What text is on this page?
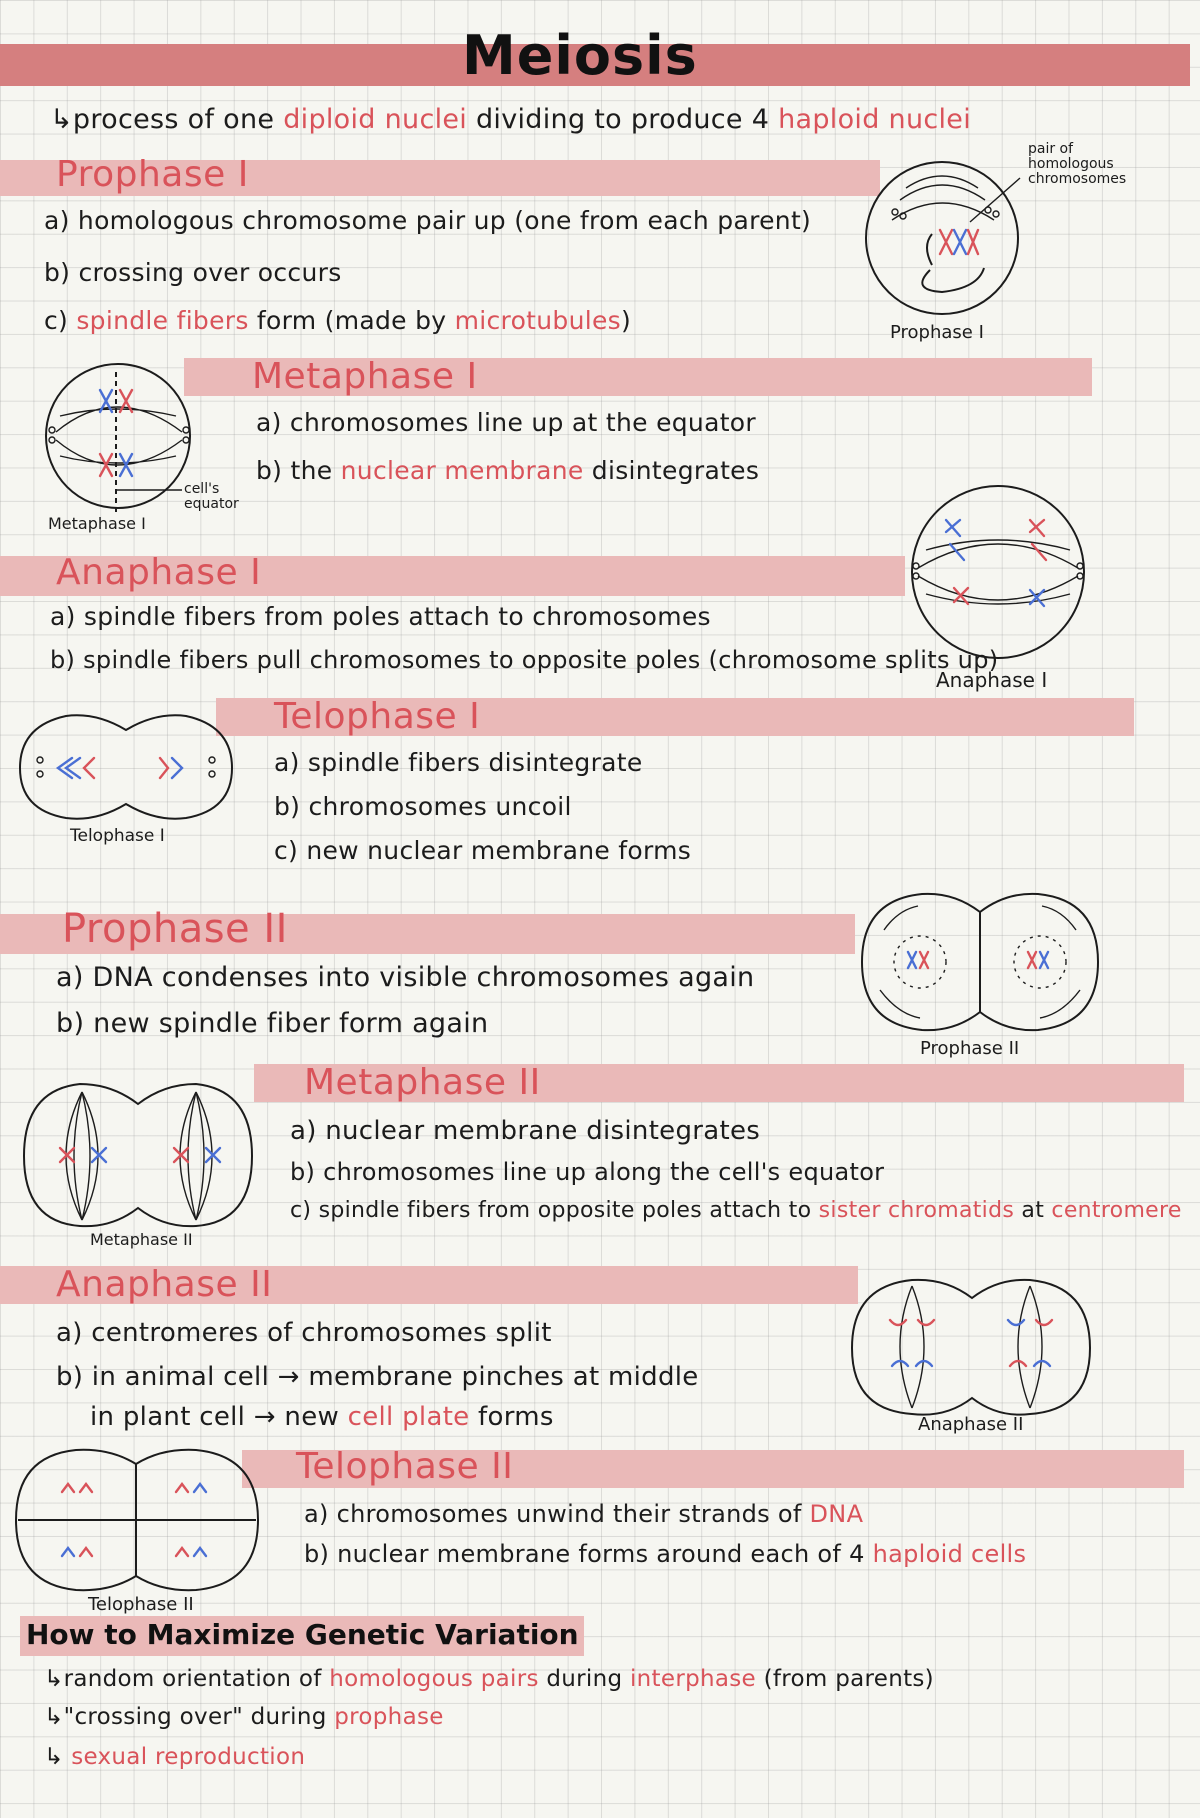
Meiosis
↳process of one diploid nuclei dividing to produce 4 haploid nuclei
Prophase I
a) homologous chromosome pair up (one from each parent)
b) crossing over occurs
c) spindle fibers form (made by microtubules)
pair of
homologous
chromosomes
Prophase I
Metaphase I
a) chromosomes line up at the equator
b) the nuclear membrane disintegrates
cell's
equator
Metaphase I
Anaphase I
a) spindle fibers from poles attach to chromosomes
b) spindle fibers pull chromosomes to opposite poles (chromosome splits up)
Anaphase I
Telophase I
a) spindle fibers disintegrate
b) chromosomes uncoil
c) new nuclear membrane forms
Telophase I
Prophase II
a) DNA condenses into visible chromosomes again
b) new spindle fiber form again
Prophase II
Metaphase II
a) nuclear membrane disintegrates
b) chromosomes line up along the cell's equator
c) spindle fibers from opposite poles attach to sister chromatids at centromere
Metaphase II
Anaphase II
a) centromeres of chromosomes split
b) in animal cell → membrane pinches at middle
in plant cell → new cell plate forms	Anaphase II
Telophase II
a) chromosomes unwind their strands of DNA
b) nuclear membrane forms around each of 4 haploid cells
Telophase II
How to Maximize Genetic Variation
↳random orientation of homologous pairs during interphase (from parents)
↳"crossing over" during prophase
↳ sexual reproduction
